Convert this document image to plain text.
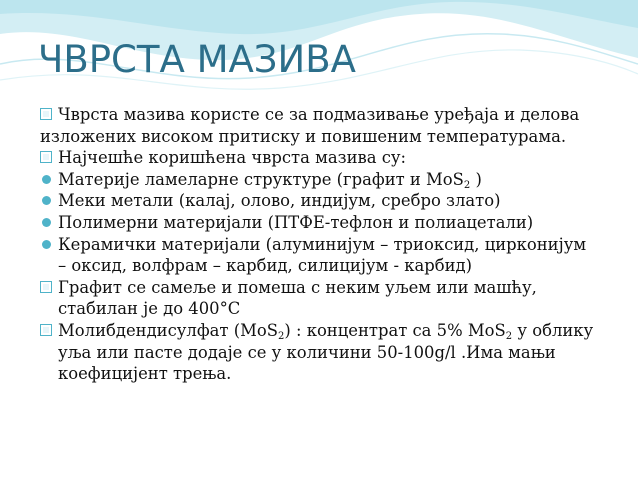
ЧВРСТА МАЗИВА

Чврста мазива користе се за подмазивање уређаја и делова

изложених високом притиску и повишеним температурама.

Најчешће коришћена чврста мазива су:

Материје ламеларне структуре (графит и MoS$_2$ )

Меки метали (калај, олово, индијум, сребро злато)

Полимерни материјали (ПТФЕ-тефлон и полиацетали)

Керамички материјали (алуминијум – триоксид, цирконијум
– оксид, волфрам – карбид, силицијум - карбид)

Графит се самеље и помеша с неким уљем или машћу,
стабилан је до 400°C

Молибдендисулфат (MoS$_2$) : концентрат са 5% MoS$_2$ у облику
уља или пасте додаје се у количини 50-100g/l .Има мањи
коефицијент трења.
